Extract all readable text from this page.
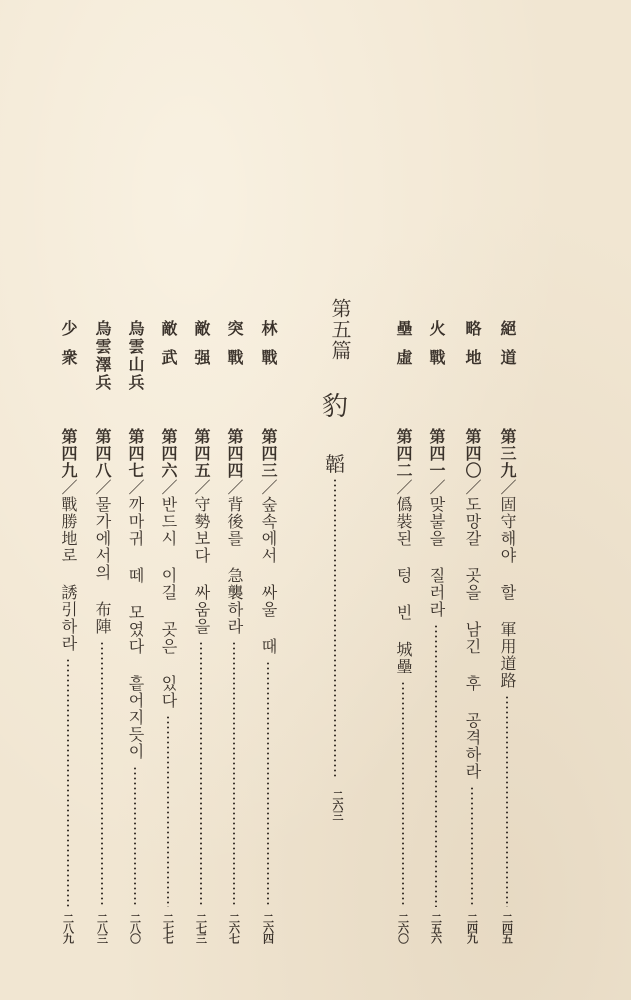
絕道
第三九／固守해야 할 軍用道路
二四五
略地
第四〇／도망갈 곳을 남긴 후 공격하라
二四九
火戰
第四一／맞불을 질러라
二五六
壘虛
第四二／僞裝된 텅 빈 城壘
二六〇
第五篇
豹
韜
二六三
林戰
第四三／숲속에서 싸울 때
二六四
突戰
第四四／背後를 急襲하라
二六七
敵强
第四五／守勢보다 싸움을
二七三
敵武
第四六／반드시 이길 곳은 있다
二七七
烏雲山兵
第四七／까마귀 떼 모였다 흩어지듯이
二八〇
烏雲澤兵
第四八／물가에서의 布陣
二八三
少衆
第四九／戰勝地로 誘引하라
二八九
